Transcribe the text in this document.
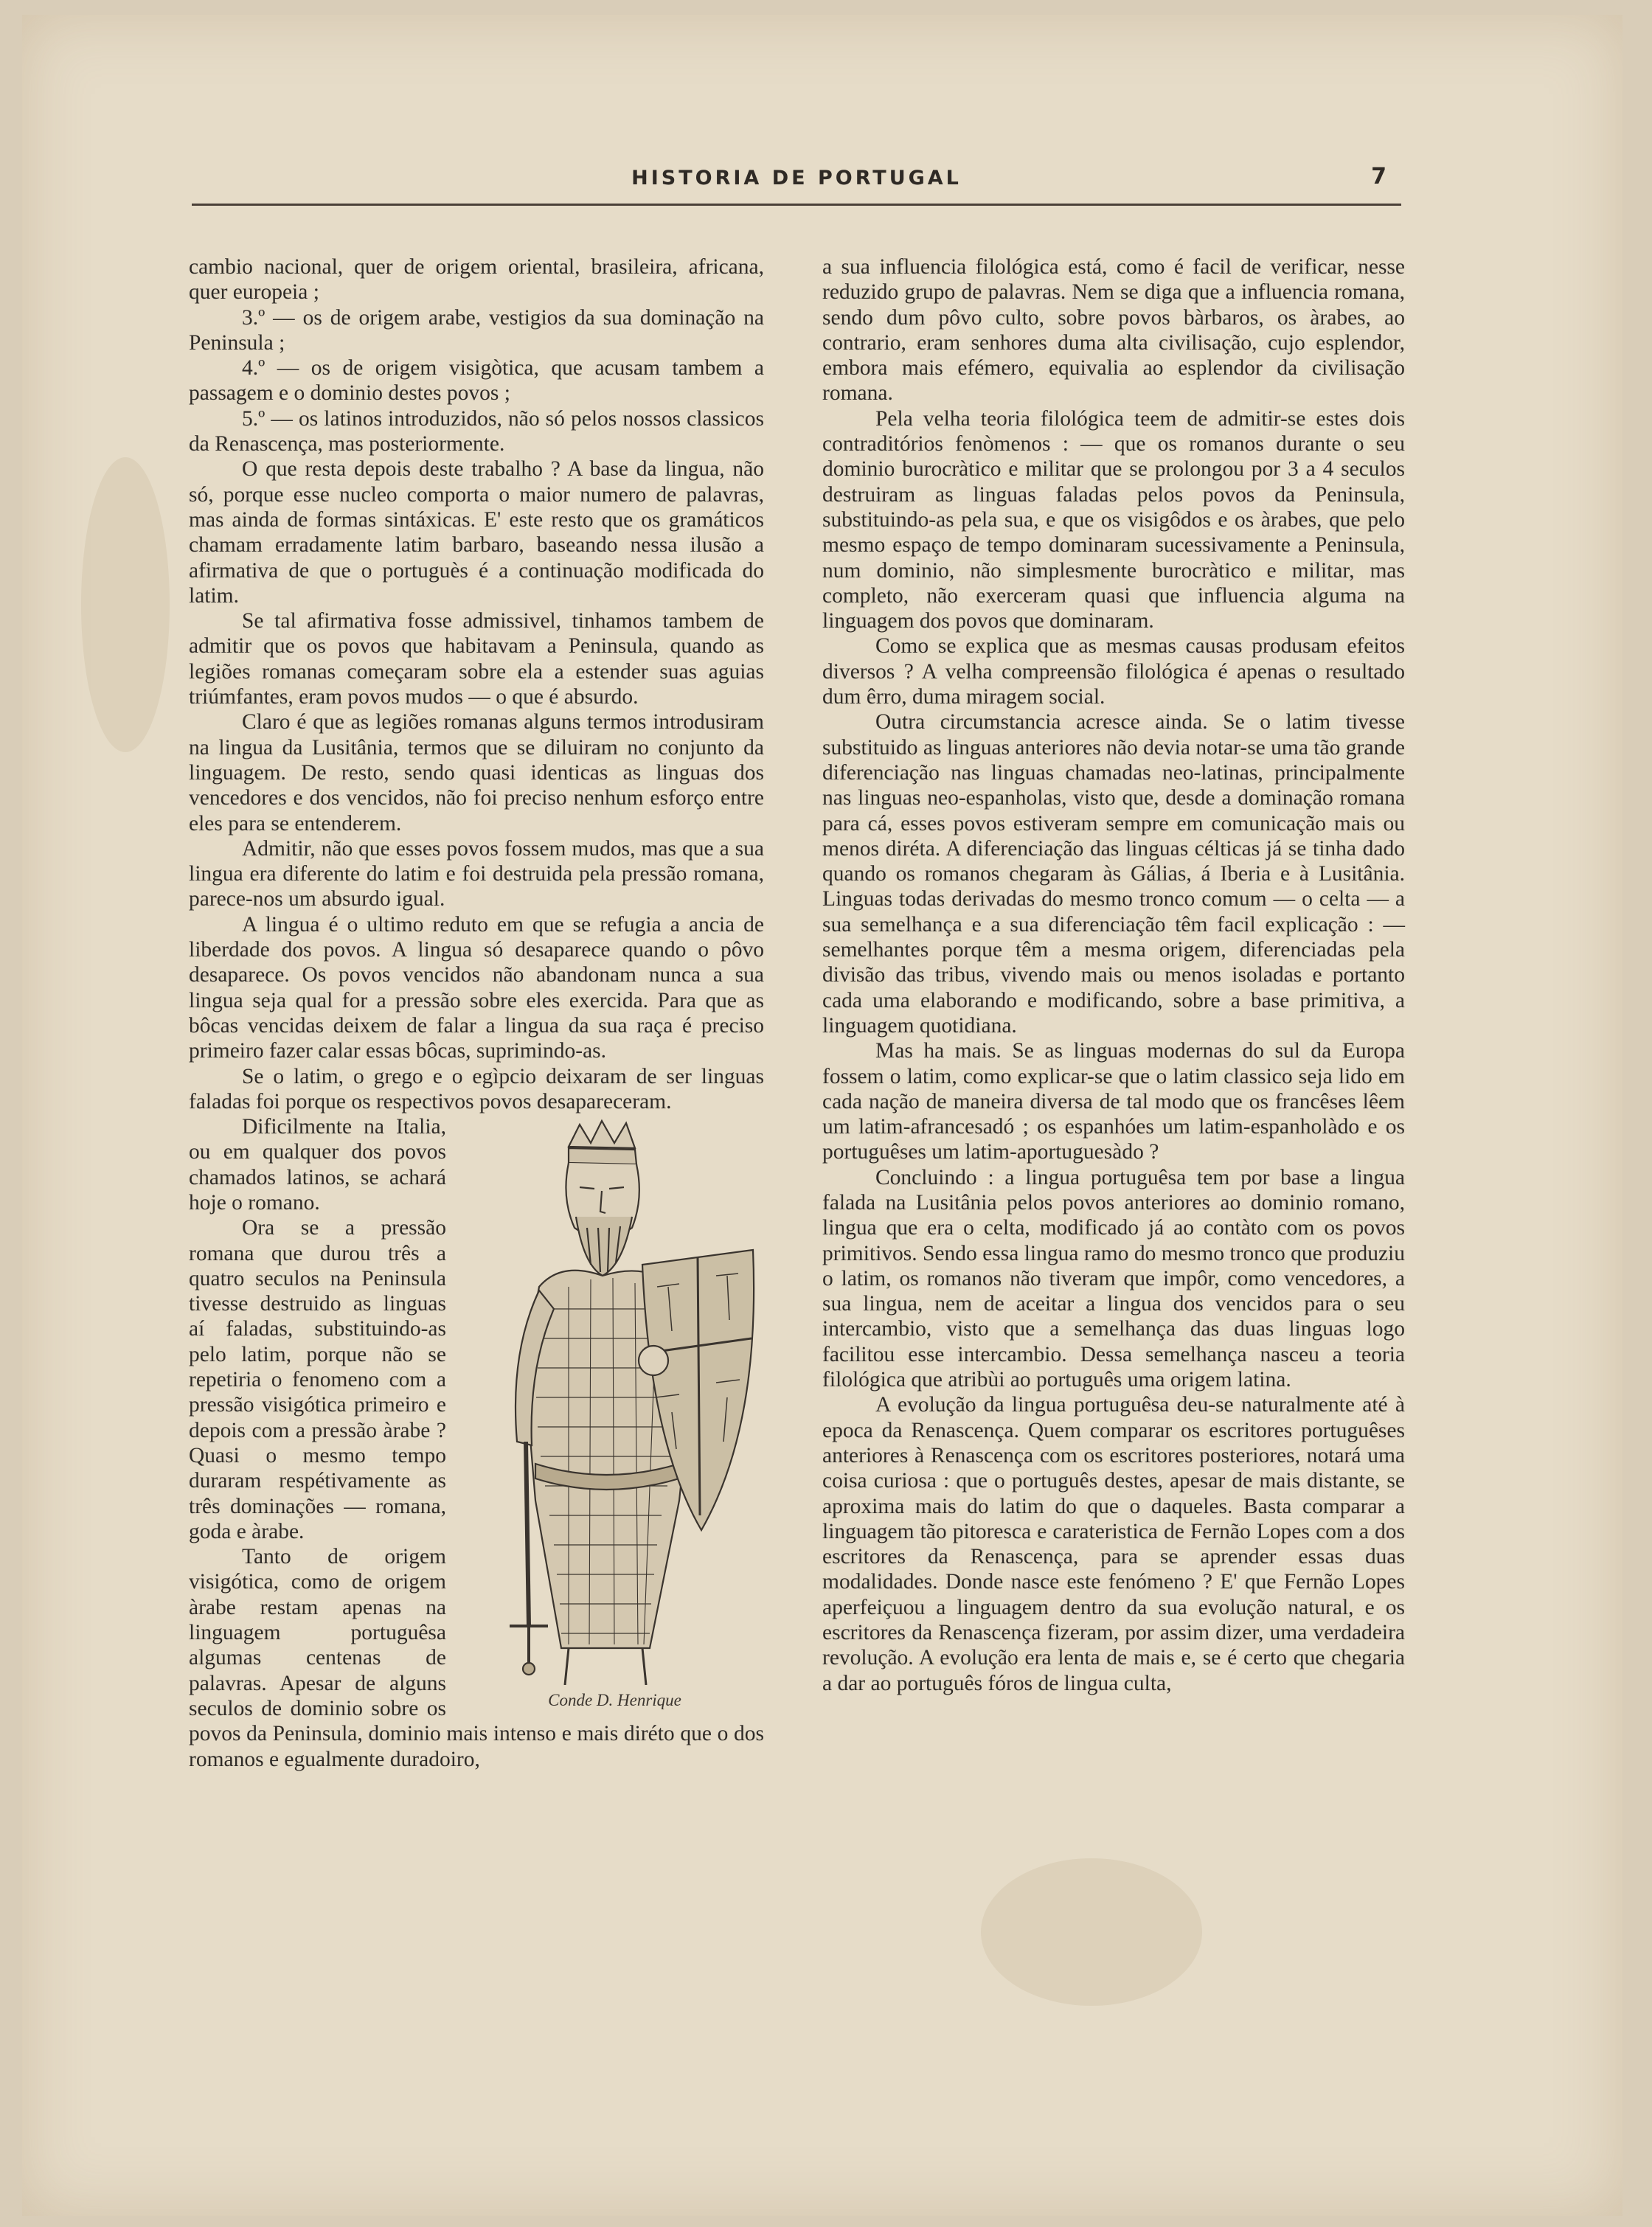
HISTORIA DE PORTUGAL	7

cambio nacional, quer de origem oriental, brasileira, africana, quer europeia ;

3.º — os de origem arabe, vestigios da sua dominação na Peninsula ;

4.º — os de origem visigòtica, que acusam tambem a passagem e o dominio destes povos ;

5.º — os latinos introduzidos, não só pelos nossos classicos da Renascença, mas posteriormente.

O que resta depois deste trabalho ? A base da lingua, não só, porque esse nucleo comporta o maior numero de palavras, mas ainda de formas sintáxicas. E' este resto que os gramáticos chamam erradamente latim barbaro, baseando nessa ilusão a afirmativa de que o portuguès é a continuação modificada do latim.

Se tal afirmativa fosse admissivel, tinhamos tambem de admitir que os povos que habitavam a Peninsula, quando as legiões romanas começaram sobre ela a estender suas aguias triúmfantes, eram povos mudos — o que é absurdo.

Claro é que as legiões romanas alguns termos introdusiram na lingua da Lusitânia, termos que se diluiram no conjunto da linguagem. De resto, sendo quasi identicas as linguas dos vencedores e dos vencidos, não foi preciso nenhum esforço entre eles para se entenderem.

Admitir, não que esses povos fossem mudos, mas que a sua lingua era diferente do latim e foi destruida pela pressão romana, parece-nos um absurdo igual.

A lingua é o ultimo reduto em que se refugia a ancia de liberdade dos povos. A lingua só desaparece quando o pôvo desaparece. Os povos vencidos não abandonam nunca a sua lingua seja qual for a pressão sobre eles exercida. Para que as bôcas vencidas deixem de falar a lingua da sua raça é preciso primeiro fazer calar essas bôcas, suprimindo-as.

Se o latim, o grego e o egìpcio deixaram de ser linguas faladas foi porque os respectivos povos desapareceram.

Conde D. Henrique

Dificilmente na Italia, ou em qualquer dos povos chamados latinos, se achará hoje o romano.

Ora se a pressão romana que durou três a quatro seculos na Peninsula tivesse destruido as linguas aí faladas, substituindo-as pelo latim, porque não se repetiria o fenomeno com a pressão visigótica primeiro e depois com a pressão àrabe ? Quasi o mesmo tempo duraram respétivamente as três dominações — romana, goda e àrabe.

Tanto de origem visigótica, como de origem àrabe restam apenas na linguagem portuguêsa algumas centenas de palavras. Apesar de alguns seculos de dominio sobre os povos da Peninsula, dominio mais intenso e mais diréto que o dos romanos e egualmente duradoiro,

a sua influencia filológica está, como é facil de verificar, nesse reduzido grupo de palavras. Nem se diga que a influencia romana, sendo dum pôvo culto, sobre povos bàrbaros, os àrabes, ao contrario, eram senhores duma alta civilisação, cujo esplendor, embora mais efémero, equivalia ao esplendor da civilisação romana.

Pela velha teoria filológica teem de admitir-se estes dois contraditórios fenòmenos : — que os romanos durante o seu dominio burocràtico e militar que se prolongou por 3 a 4 seculos destruiram as linguas faladas pelos povos da Peninsula, substituindo-as pela sua, e que os visigôdos e os àrabes, que pelo mesmo espaço de tempo dominaram sucessivamente a Peninsula, num dominio, não simplesmente burocràtico e militar, mas completo, não exerceram quasi que influencia alguma na linguagem dos povos que dominaram.

Como se explica que as mesmas causas produsam efeitos diversos ? A velha compreensão filológica é apenas o resultado dum êrro, duma miragem social.

Outra circumstancia acresce ainda. Se o latim tivesse substituido as linguas anteriores não devia notar-se uma tão grande diferenciação nas linguas chamadas neo-latinas, principalmente nas linguas neo-espanholas, visto que, desde a dominação romana para cá, esses povos estiveram sempre em comunicação mais ou menos diréta. A diferenciação das linguas célticas já se tinha dado quando os romanos chegaram às Gálias, á Iberia e à Lusitânia. Linguas todas derivadas do mesmo tronco comum — o celta — a sua semelhança e a sua diferenciação têm facil explicação : — semelhantes porque têm a mesma origem, diferenciadas pela divisão das tribus, vivendo mais ou menos isoladas e portanto cada uma elaborando e modificando, sobre a base primitiva, a linguagem quotidiana.

Mas ha mais. Se as linguas modernas do sul da Europa fossem o latim, como explicar-se que o latim classico seja lido em cada nação de maneira diversa de tal modo que os francêses lêem um latim-afrancesadó ; os espanhóes um latim-espanholàdo e os portuguêses um latim-aportuguesàdo ?

Concluindo : a lingua portuguêsa tem por base a lingua falada na Lusitânia pelos povos anteriores ao dominio romano, lingua que era o celta, modificado já ao contàto com os povos primitivos. Sendo essa lingua ramo do mesmo tronco que produziu o latim, os romanos não tiveram que impôr, como vencedores, a sua lingua, nem de aceitar a lingua dos vencidos para o seu intercambio, visto que a semelhança das duas linguas logo facilitou esse intercambio. Dessa semelhança nasceu a teoria filológica que atribùi ao português uma origem latina.

A evolução da lingua portuguêsa deu-se naturalmente até à epoca da Renascença. Quem comparar os escritores portuguêses anteriores à Renascença com os escritores posteriores, notará uma coisa curiosa : que o português destes, apesar de mais distante, se aproxima mais do latim do que o daqueles. Basta comparar a linguagem tão pitoresca e carateristica de Fernão Lopes com a dos escritores da Renascença, para se aprender essas duas modalidades. Donde nasce este fenómeno ? E' que Fernão Lopes aperfeiçuou a linguagem dentro da sua evolução natural, e os escritores da Renascença fizeram, por assim dizer, uma verdadeira revolução. A evolução era lenta de mais e, se é certo que chegaria a dar ao português fóros de lingua culta,
